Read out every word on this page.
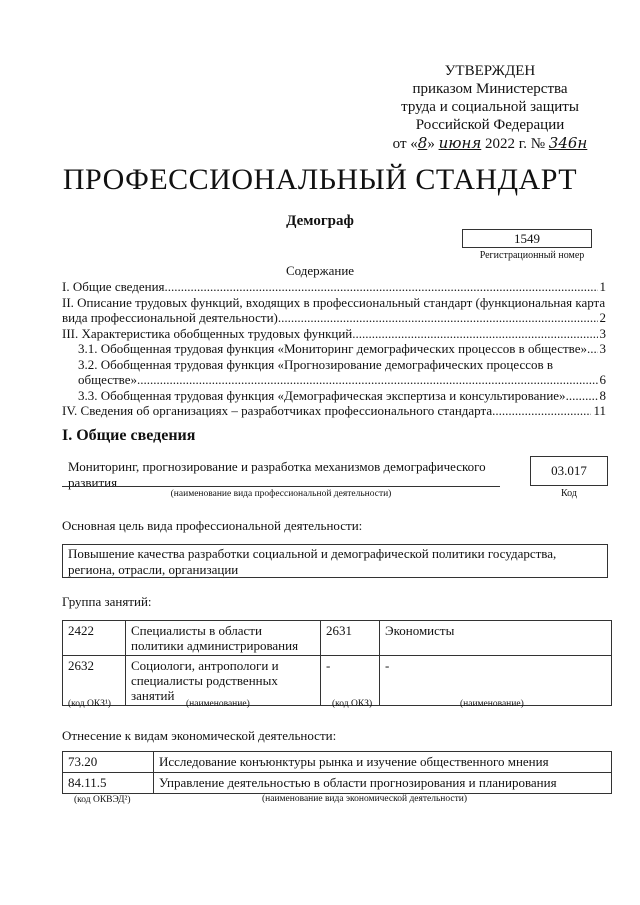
УТВЕРЖДЕН
приказом Министерства
труда и социальной защиты
Российской Федерации
от «8» июня 2022 г. № 346н
ПРОФЕССИОНАЛЬНЫЙ СТАНДАРТ
Демограф
1549
Регистрационный номер
Содержание
I. Общие сведения .....	1
II. Описание трудовых функций, входящих в профессиональный стандарт (функциональная карта
вида профессиональной деятельности) .....	2
III. Характеристика обобщенных трудовых функций .....	3
3.1. Обобщенная трудовая функция «Мониторинг демографических процессов в обществе» ..... 3
3.2. Обобщенная трудовая функция «Прогнозирование демографических процессов в
обществе» .....	6
3.3. Обобщенная трудовая функция «Демографическая экспертиза и консультирование» .....	8
IV. Сведения об организациях – разработчиках профессионального стандарта .....	11
I. Общие сведения
Мониторинг, прогнозирование и разработка механизмов демографического развития
(наименование вида профессиональной деятельности)
03.017
Код
Основная цель вида профессиональной деятельности:
Повышение качества разработки социальной и демографической политики государства, региона, отрасли, организации
Группа занятий:
2422	Специалисты в области политики администрирования	2631	Экономисты
2632	Социологи, антропологи и специалисты родственных занятий	-	-
(код ОКЗ¹)	(наименование)	(код ОКЗ)	(наименование)
Отнесение к видам экономической деятельности:
73.20	Исследование конъюнктуры рынка и изучение общественного мнения
84.11.5	Управление деятельностью в области прогнозирования и планирования
(код ОКВЭД²)	(наименование вида экономической деятельности)
